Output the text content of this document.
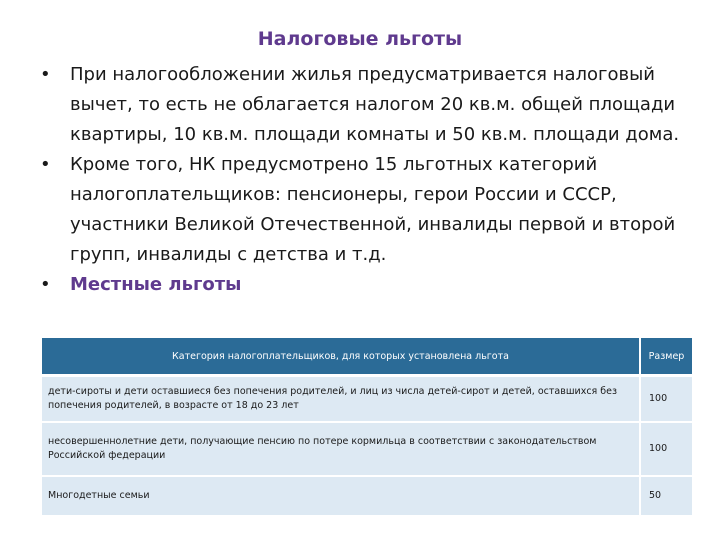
Налоговые льготы
•	При налогообложении жилья предусматривается налоговый вычет, то есть не облагается налогом 20 кв.м. общей площади квартиры, 10 кв.м. площади комнаты и 50 кв.м. площади дома.
•	Кроме того, НК предусмотрено 15 льготных категорий налогоплательщиков: пенсионеры, герои России и СССР, участники Великой Отечественной, инвалиды первой и второй групп, инвалиды с детства и т.д.
•	Местные льготы
Категория налогоплательщиков, для которых установлена льгота	Размер
дети-сироты и дети оставшиеся без попечения родителей, и лиц из числа детей-сирот и детей, оставшихся без попечения родителей, в возрасте от 18 до 23 лет	100
несовершеннолетние дети, получающие пенсию по потере кормильца в соответствии с законодательством Российской федерации	100
Многодетные семьи	50
